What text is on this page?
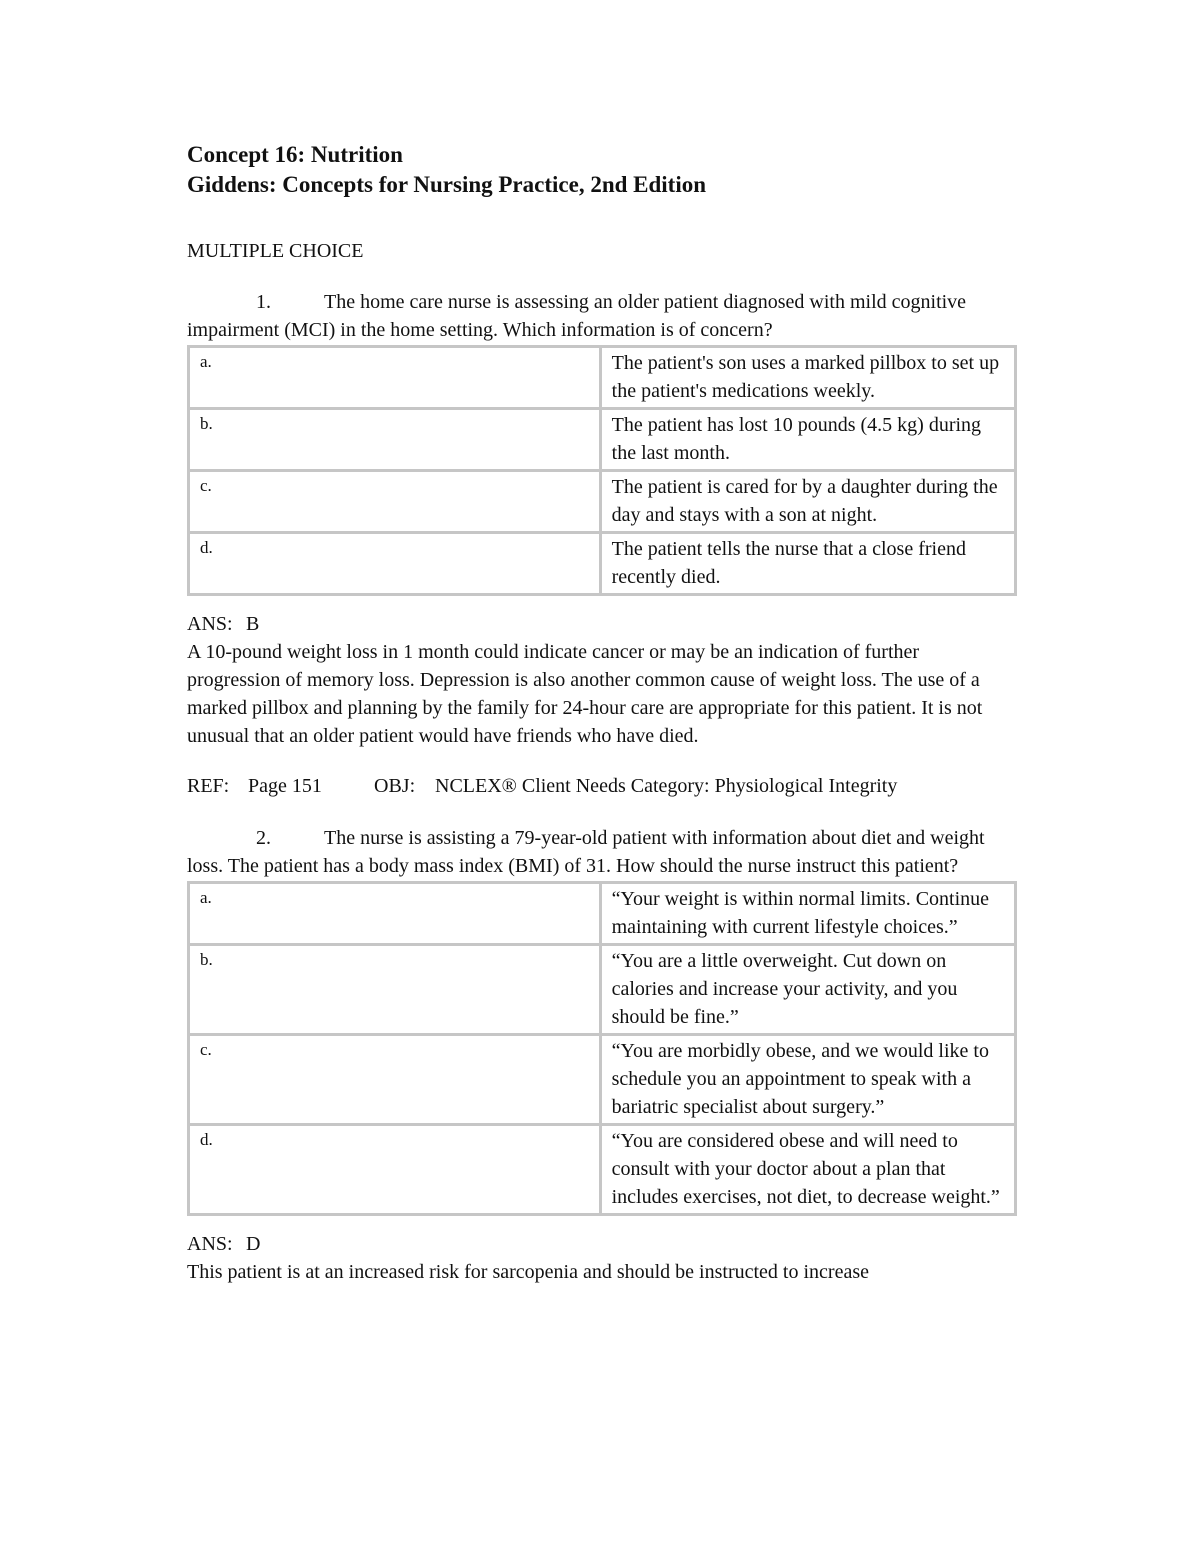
Concept 16: Nutrition

Giddens: Concepts for Nursing Practice, 2nd Edition

MULTIPLE CHOICE
1.	The home care nurse is assessing an older patient diagnosed with mild cognitive impairment (MCI) in the home setting. Which information is of concern?
a.	The patient's son uses a marked pillbox to set up the patient's medications weekly.
b.	The patient has lost 10 pounds (4.5 kg) during the last month.
c.	The patient is cared for by a daughter during the day and stays with a son at night.
d.	The patient tells the nurse that a close friend recently died.
ANS: B
A 10-pound weight loss in 1 month could indicate cancer or may be an indication of further progression of memory loss. Depression is also another common cause of weight loss. The use of a marked pillbox and planning by the family for 24-hour care are appropriate for this patient. It is not unusual that an older patient would have friends who have died.
REF: Page 151	OBJ: NCLEX® Client Needs Category: Physiological Integrity
2.	The nurse is assisting a 79-year-old patient with information about diet and weight loss. The patient has a body mass index (BMI) of 31. How should the nurse instruct this patient?
a.	“Your weight is within normal limits. Continue maintaining with current lifestyle choices.”
b.	“You are a little overweight. Cut down on calories and increase your activity, and you should be fine.”
c.	“You are morbidly obese, and we would like to schedule you an appointment to speak with a bariatric specialist about surgery.”
d.	“You are considered obese and will need to consult with your doctor about a plan that includes exercises, not diet, to decrease weight.”
ANS: D
This patient is at an increased risk for sarcopenia and should be instructed to increase
